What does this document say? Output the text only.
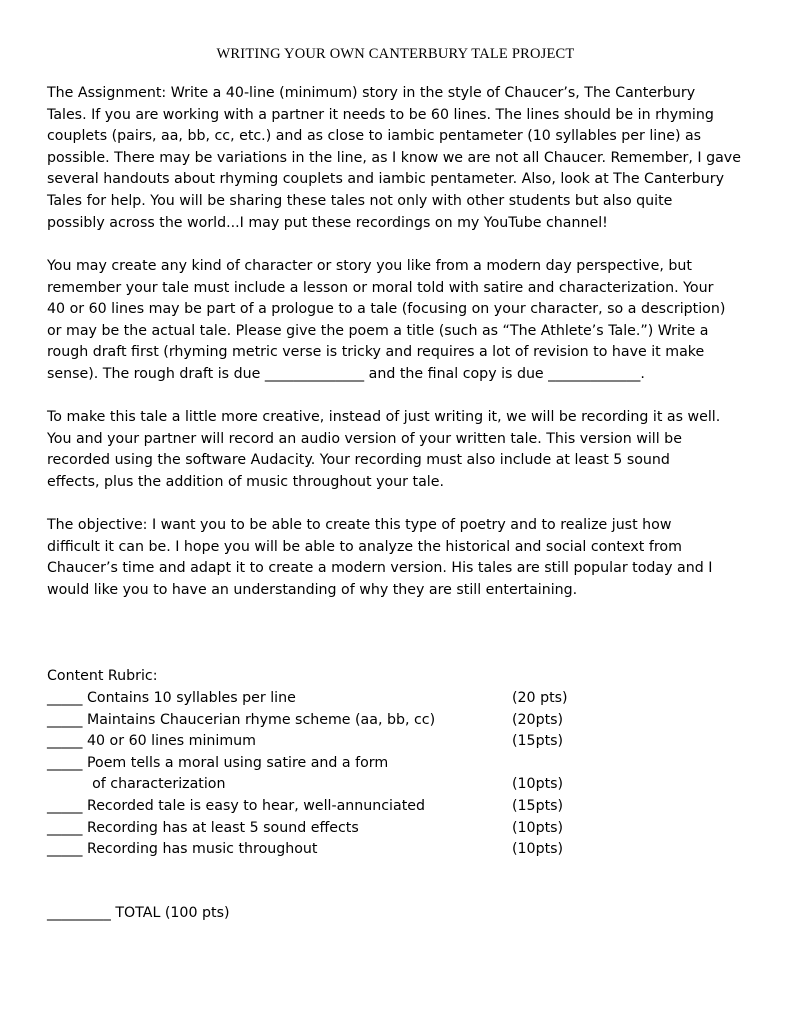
WRITING YOUR OWN CANTERBURY TALE PROJECT
The Assignment: Write a 40-line (minimum) story in the style of Chaucer’s, The Canterbury
Tales. If you are working with a partner it needs to be 60 lines. The lines should be in rhyming
couplets (pairs, aa, bb, cc, etc.) and as close to iambic pentameter (10 syllables per line) as
possible. There may be variations in the line, as I know we are not all Chaucer. Remember, I gave
several handouts about rhyming couplets and iambic pentameter. Also, look at The Canterbury
Tales for help. You will be sharing these tales not only with other students but also quite
possibly across the world...I may put these recordings on my YouTube channel!
You may create any kind of character or story you like from a modern day perspective, but
remember your tale must include a lesson or moral told with satire and characterization. Your
40 or 60 lines may be part of a prologue to a tale (focusing on your character, so a description)
or may be the actual tale. Please give the poem a title (such as “The Athlete’s Tale.”) Write a
rough draft first (rhyming metric verse is tricky and requires a lot of revision to have it make
sense). The rough draft is due ______________ and the final copy is due _____________.
To make this tale a little more creative, instead of just writing it, we will be recording it as well.
You and your partner will record an audio version of your written tale. This version will be
recorded using the software Audacity. Your recording must also include at least 5 sound
effects, plus the addition of music throughout your tale.
The objective: I want you to be able to create this type of poetry and to realize just how
difficult it can be. I hope you will be able to analyze the historical and social context from
Chaucer’s time and adapt it to create a modern version. His tales are still popular today and I
would like you to have an understanding of why they are still entertaining.
Content Rubric:
_____ Contains 10 syllables per line	(20 pts)
_____ Maintains Chaucerian rhyme scheme (aa, bb, cc)	(20pts)
_____ 40 or 60 lines minimum	(15pts)
_____ Poem tells a moral using satire and a form
of characterization	(10pts)
_____ Recorded tale is easy to hear, well-annunciated	(15pts)
_____ Recording has at least 5 sound effects	(10pts)
_____ Recording has music throughout	(10pts)
_________ TOTAL (100 pts)
